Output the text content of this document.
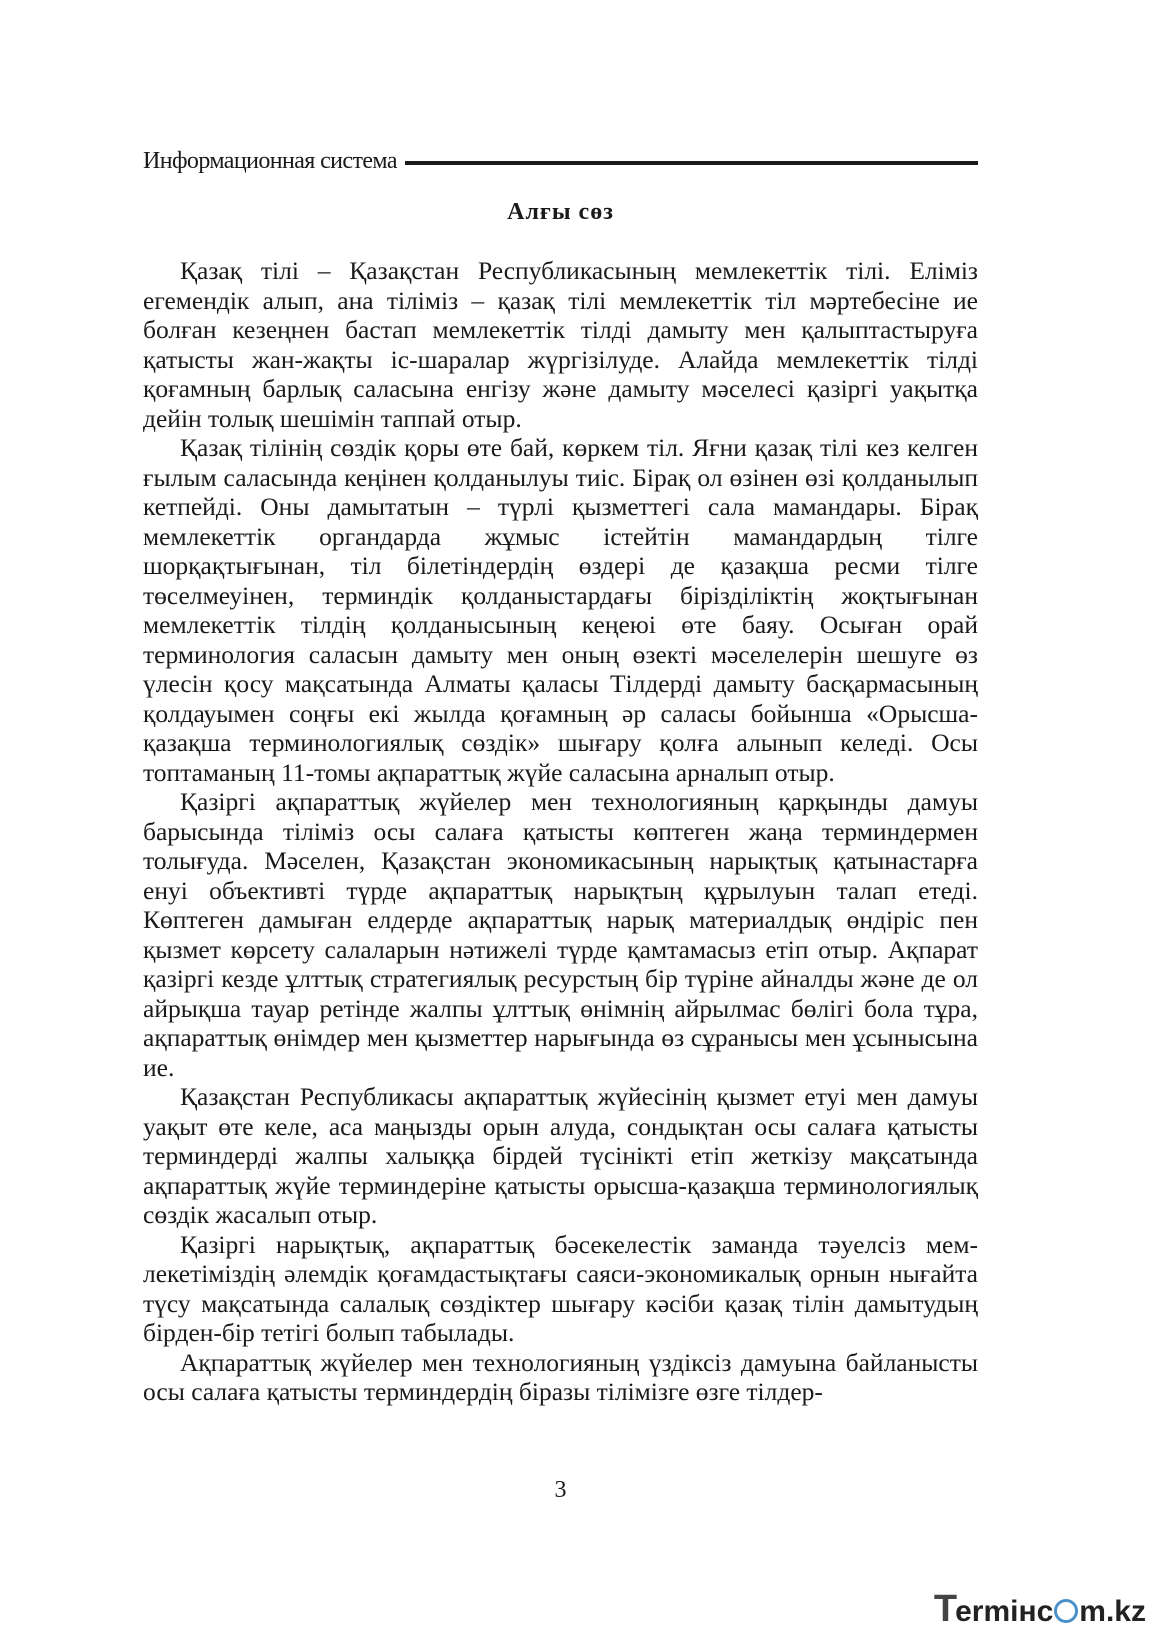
Информационная система
Алғы сөз

Қазақ тілі – Қазақстан Республикасының мемлекеттік тілі. Еліміз егемендік алып, ана тіліміз – қазақ тілі мемлекеттік тіл мәртебесіне ие болған кезеңнен бастап мемлекеттік тілді дамыту мен қалыптастыруға қатысты жан-жақты іс-шаралар жүргізілуде. Алайда мемлекеттік тілді қоғамның барлық саласына енгізу және дамыту мәселесі қазіргі уақытқа дейін толық шешімін таппай отыр.

Қазақ тілінің сөздік қоры өте бай, көркем тіл. Яғни қазақ тілі кез келген ғылым саласында кеңінен қолданылуы тиіс. Бірақ ол өзінен өзі қолданылып кетпейді. Оны дамытатын – түрлі қызметтегі сала мамандары. Бірақ мемлекеттік органдарда жұмыс істейтін мамандардың тілге шорқақтығынан, тіл білетіндердің өздері де қазақша ресми тілге төселмеуінен, терминдік қолданыстардағы бірізділіктің жоқтығынан мемлекеттік тілдің қолданысының кеңеюі өте баяу. Осыған орай терминология саласын дамыту мен оның өзекті мәселелерін шешуге өз үлесін қосу мақсатында Алматы қаласы Тілдерді дамыту басқармасының қолдауымен соңғы екі жылда қоғамның әр саласы бойынша «Орысша-қазақша терминологиялық сөздік» шығару қолға алынып келеді. Осы топтаманың 11-томы ақпараттық жүйе саласына арналып отыр.

Қазіргі ақпараттық жүйелер мен технологияның қарқынды дамуы барысында тіліміз осы салаға қатысты көптеген жаңа терминдермен толығуда. Мәселен, Қазақстан экономикасының нарықтық қатынастарға енуі объективті түрде ақпараттық нарықтың құрылуын талап етеді. Көптеген дамыған елдерде ақпараттық нарық материалдық өндіріс пен қызмет көрсету салаларын нәтижелі түрде қамтамасыз етіп отыр. Ақпарат қазіргі кезде ұлттық стратегиялық ресурстың бір түріне айналды және де ол айрықша тауар ретінде жалпы ұлттық өнімнің айрылмас бөлігі бола тұра, ақпараттық өнімдер мен қызметтер нарығында өз сұранысы мен ұсынысына ие.

Қазақстан Республикасы ақпараттық жүйесінің қызмет етуі мен дамуы уақыт өте келе, аса маңызды орын алуда, сондықтан осы салаға қатысты терминдерді жалпы халыққа бірдей түсінікті етіп жеткізу мақсатында ақпараттық жүйе терминдеріне қатысты орысша-қазақша терминологиялық сөздік жасалып отыр.

Қазіргі нарықтық, ақпараттық бәсекелестік заманда тәуелсіз мемлекетіміздің әлемдік қоғамдастықтағы саяси-экономикалық орнын нығайта түсу мақсатында салалық сөздіктер шығару кәсіби қазақ тілін дамытудың бірден-бір тетігі болып табылады.

Ақпараттық жүйелер мен технологияның үздіксіз дамуына байланысты осы салаға қатысты терминдердің біразы тілімізге өзге тілдер-

3
T
ermінс m.kz
